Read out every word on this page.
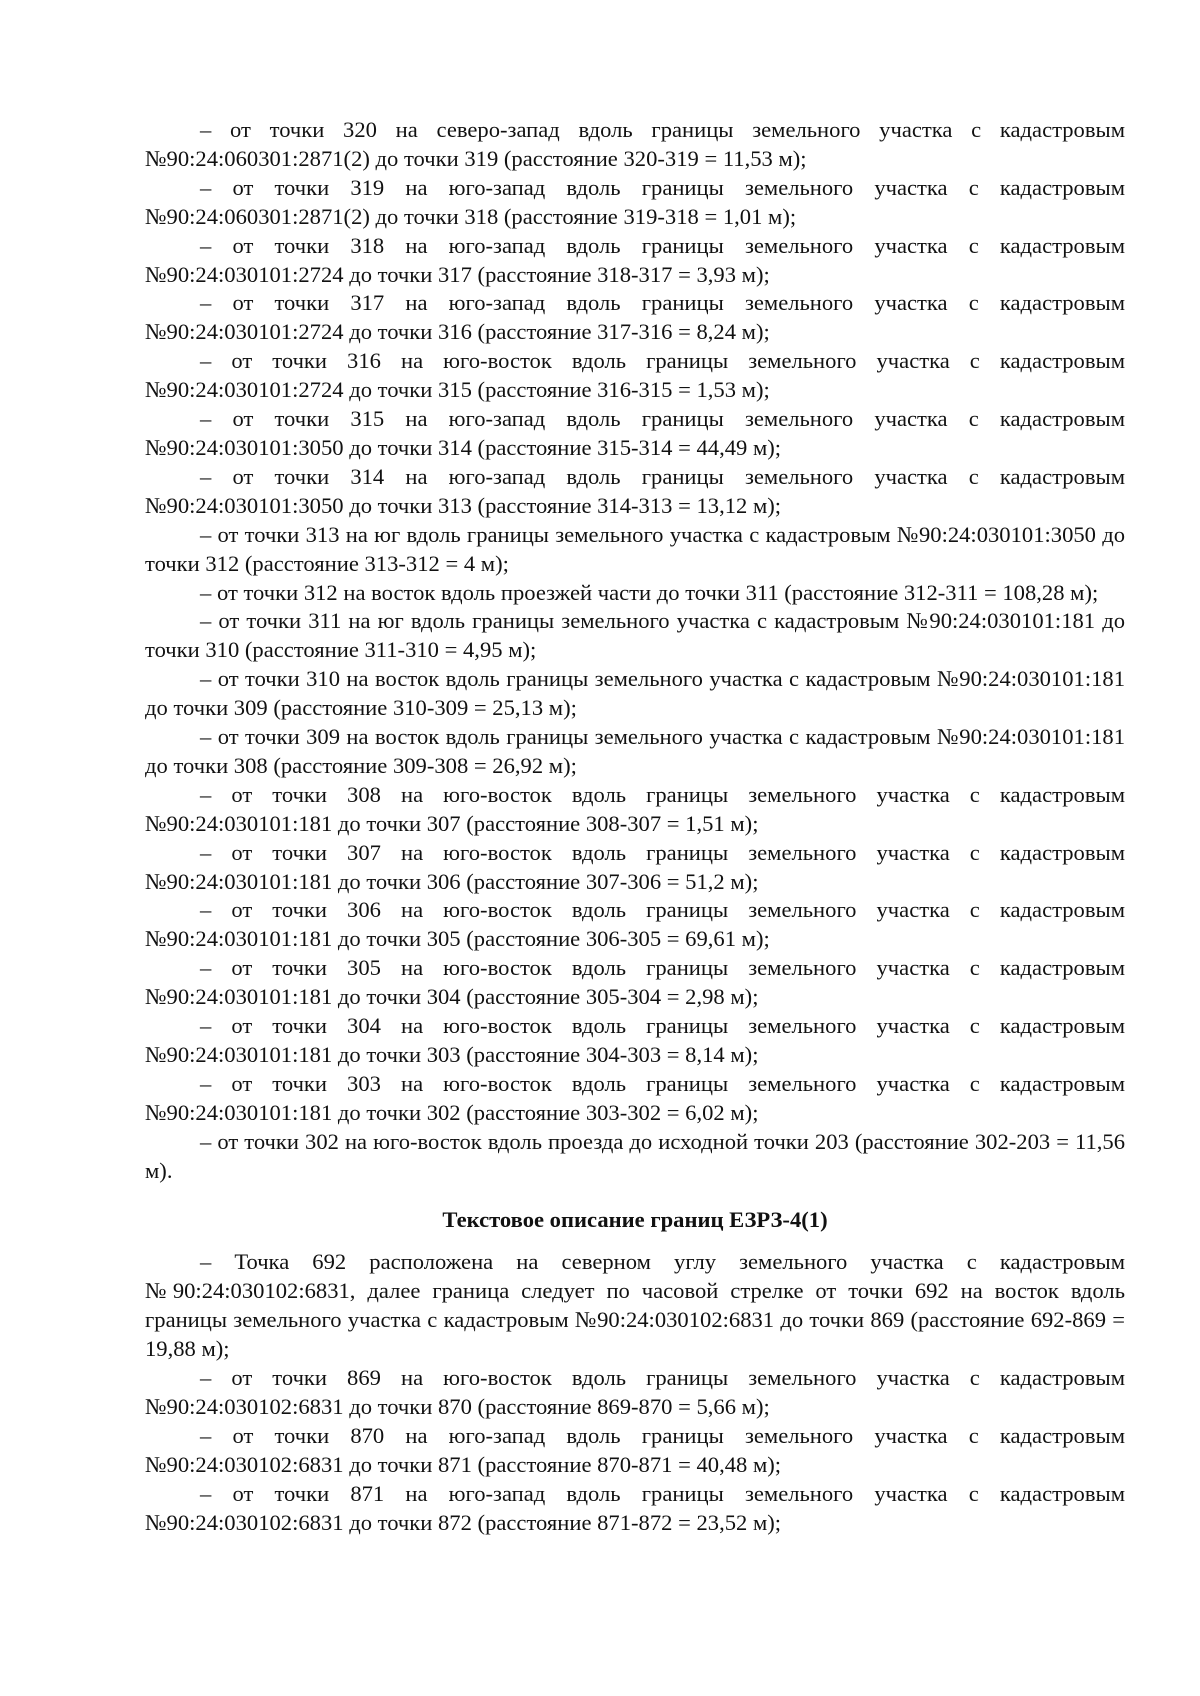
– от точки 320 на северо-запад вдоль границы земельного участка с кадастровым №90:24:060301:2871(2) до точки 319 (расстояние 320-319 = 11,53 м);

– от точки 319 на юго-запад вдоль границы земельного участка с кадастровым №90:24:060301:2871(2) до точки 318 (расстояние 319-318 = 1,01 м);

– от точки 318 на юго-запад вдоль границы земельного участка с кадастровым №90:24:030101:2724 до точки 317 (расстояние 318-317 = 3,93 м);

– от точки 317 на юго-запад вдоль границы земельного участка с кадастровым №90:24:030101:2724 до точки 316 (расстояние 317-316 = 8,24 м);

– от точки 316 на юго-восток вдоль границы земельного участка с кадастровым №90:24:030101:2724 до точки 315 (расстояние 316-315 = 1,53 м);

– от точки 315 на юго-запад вдоль границы земельного участка с кадастровым №90:24:030101:3050 до точки 314 (расстояние 315-314 = 44,49 м);

– от точки 314 на юго-запад вдоль границы земельного участка с кадастровым №90:24:030101:3050 до точки 313 (расстояние 314-313 = 13,12 м);

– от точки 313 на юг вдоль границы земельного участка с кадастровым №90:24:030101:3050 до точки 312 (расстояние 313-312 = 4 м);

– от точки 312 на восток вдоль проезжей части до точки 311 (расстояние 312-311 = 108,28 м);

– от точки 311 на юг вдоль границы земельного участка с кадастровым №90:24:030101:181 до точки 310 (расстояние 311-310 = 4,95 м);

– от точки 310 на восток вдоль границы земельного участка с кадастровым №90:24:030101:181 до точки 309 (расстояние 310-309 = 25,13 м);

– от точки 309 на восток вдоль границы земельного участка с кадастровым №90:24:030101:181 до точки 308 (расстояние 309-308 = 26,92 м);

– от точки 308 на юго-восток вдоль границы земельного участка с кадастровым №90:24:030101:181 до точки 307 (расстояние 308-307 = 1,51 м);

– от точки 307 на юго-восток вдоль границы земельного участка с кадастровым №90:24:030101:181 до точки 306 (расстояние 307-306 = 51,2 м);

– от точки 306 на юго-восток вдоль границы земельного участка с кадастровым №90:24:030101:181 до точки 305 (расстояние 306-305 = 69,61 м);

– от точки 305 на юго-восток вдоль границы земельного участка с кадастровым №90:24:030101:181 до точки 304 (расстояние 305-304 = 2,98 м);

– от точки 304 на юго-восток вдоль границы земельного участка с кадастровым №90:24:030101:181 до точки 303 (расстояние 304-303 = 8,14 м);

– от точки 303 на юго-восток вдоль границы земельного участка с кадастровым №90:24:030101:181 до точки 302 (расстояние 303-302 = 6,02 м);

– от точки 302 на юго-восток вдоль проезда до исходной точки 203 (расстояние 302-203 = 11,56 м).

Текстовое описание границ ЕЗРЗ-4(1)

– Точка 692 расположена на северном углу земельного участка с кадастровым №90:24:030102:6831, далее граница следует по часовой стрелке от точки 692 на восток вдоль границы земельного участка с кадастровым №90:24:030102:6831 до точки 869 (расстояние 692-869 = 19,88 м);

– от точки 869 на юго-восток вдоль границы земельного участка с кадастровым №90:24:030102:6831 до точки 870 (расстояние 869-870 = 5,66 м);

– от точки 870 на юго-запад вдоль границы земельного участка с кадастровым №90:24:030102:6831 до точки 871 (расстояние 870-871 = 40,48 м);

– от точки 871 на юго-запад вдоль границы земельного участка с кадастровым №90:24:030102:6831 до точки 872 (расстояние 871-872 = 23,52 м);
